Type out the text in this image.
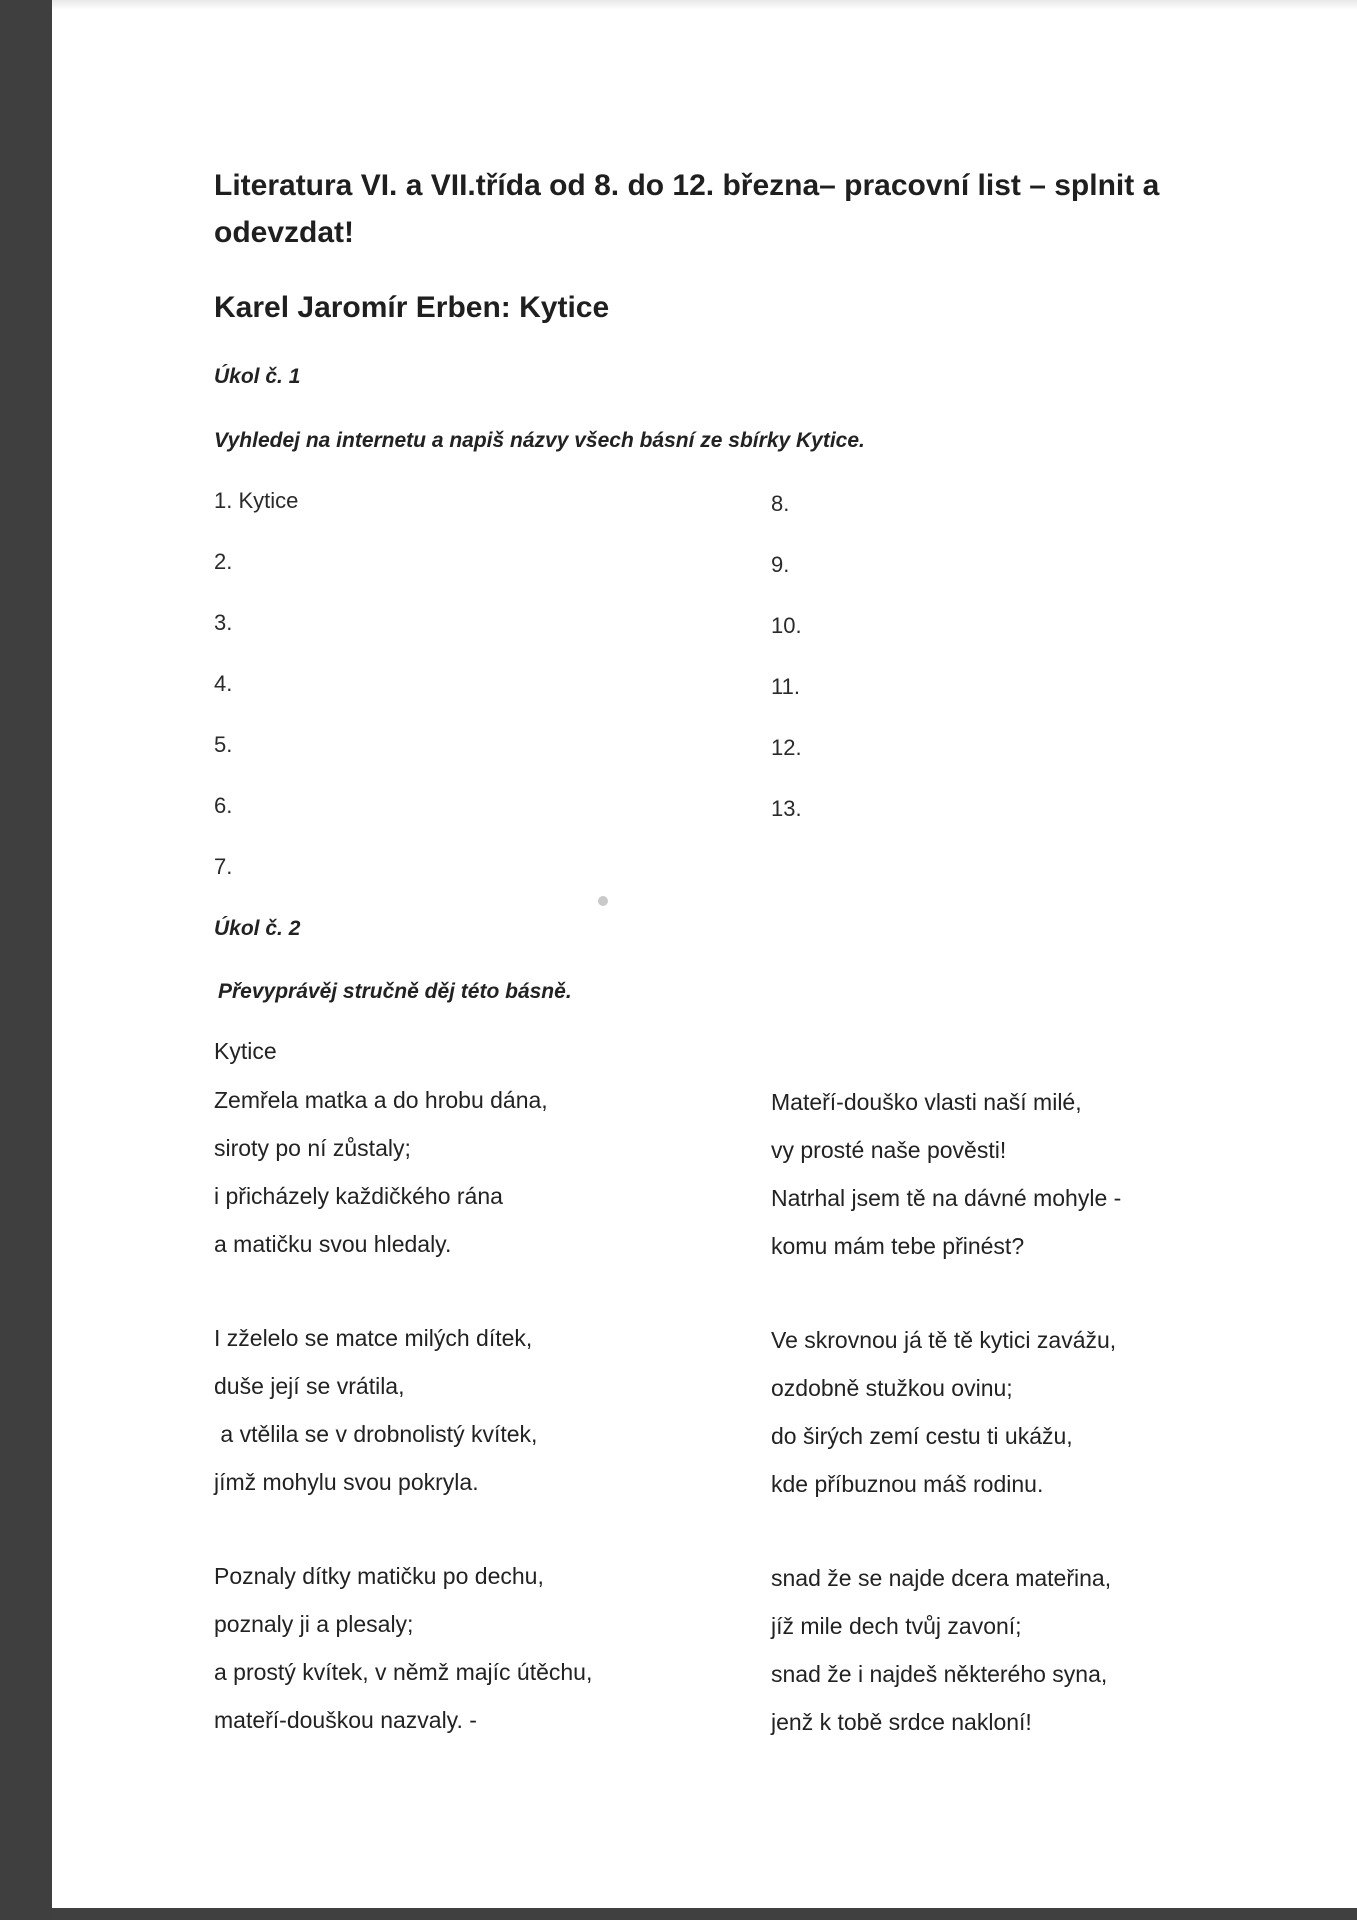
Literatura VI. a VII.třída od 8. do 12. března– pracovní list – splnit a odevzdat!
Karel Jaromír Erben: Kytice

Úkol č. 1

Vyhledej na internetu a napiš názvy všech básní ze sbírky Kytice.

1. Kytice
2.
3.
4.
5.
6.
7.
8.
9.
10.
11.
12.
13.

Úkol č. 2

Převyprávěj stručně děj této básně.

Kytice

Zemřela matka a do hrobu dána,
siroty po ní zůstaly;
i přicházely každičkého rána
a matičku svou hledaly.
I zželelo se matce milých dítek,
duše její se vrátila,
a vtělila se v drobnolistý kvítek,
jímž mohylu svou pokryla.
Poznaly dítky matičku po dechu,
poznaly ji a plesaly;
a prostý kvítek, v němž majíc útěchu,
mateří-douškou nazvaly. -
Mateří-douško vlasti naší milé,
vy prosté naše pověsti!
Natrhal jsem tě na dávné mohyle -
komu mám tebe přinést?
Ve skrovnou já tě tě kytici zavážu,
ozdobně stužkou ovinu;
do širých zemí cestu ti ukážu,
kde příbuznou máš rodinu.
snad že se najde dcera mateřina,
jíž mile dech tvůj zavoní;
snad že i najdeš některého syna,
jenž k tobě srdce nakloní!
